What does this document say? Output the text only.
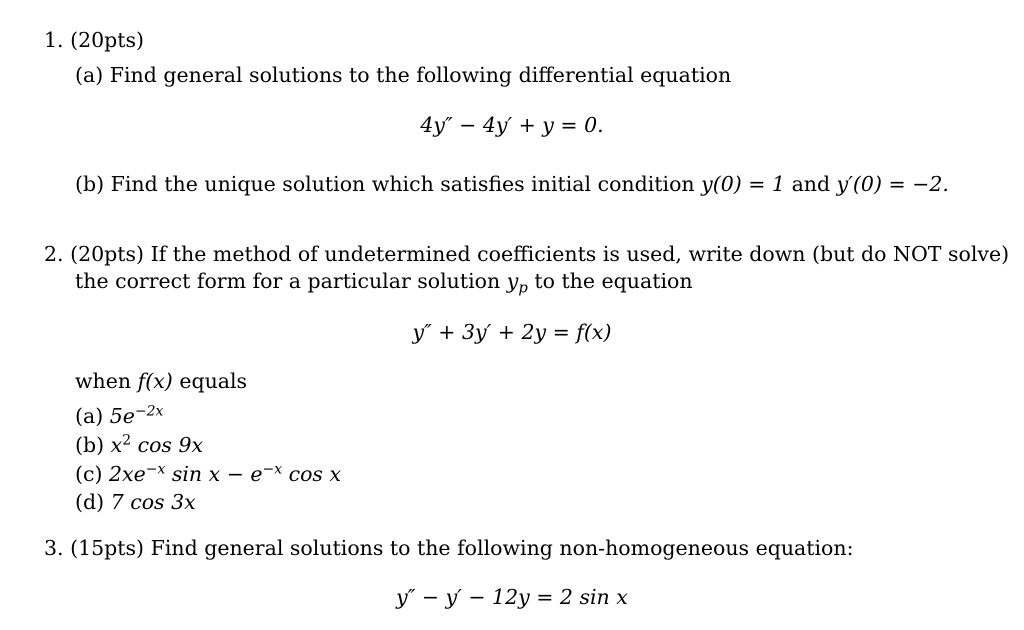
1. (20pts)
(a) Find general solutions to the following differential equation
4y″ − 4y′ + y = 0.
(b) Find the unique solution which satisfies initial condition y(0) = 1 and y′(0) = −2.
2. (20pts) If the method of undetermined coefficients is used, write down (but do NOT solve)
the correct form for a particular solution $y_p$ to the equation
y″ + 3y′ + 2y = f(x)
when f(x) equals
(a) $5e^{-2x}$
(b) $x^2$ cos 9x
(c) $2xe^{-x}$ $\sin x - e^{-x}$ cos x
(d) 7 cos 3x
3. (15pts) Find general solutions to the following non-homogeneous equation:
y″ − y′ − 12y = 2 sin x
